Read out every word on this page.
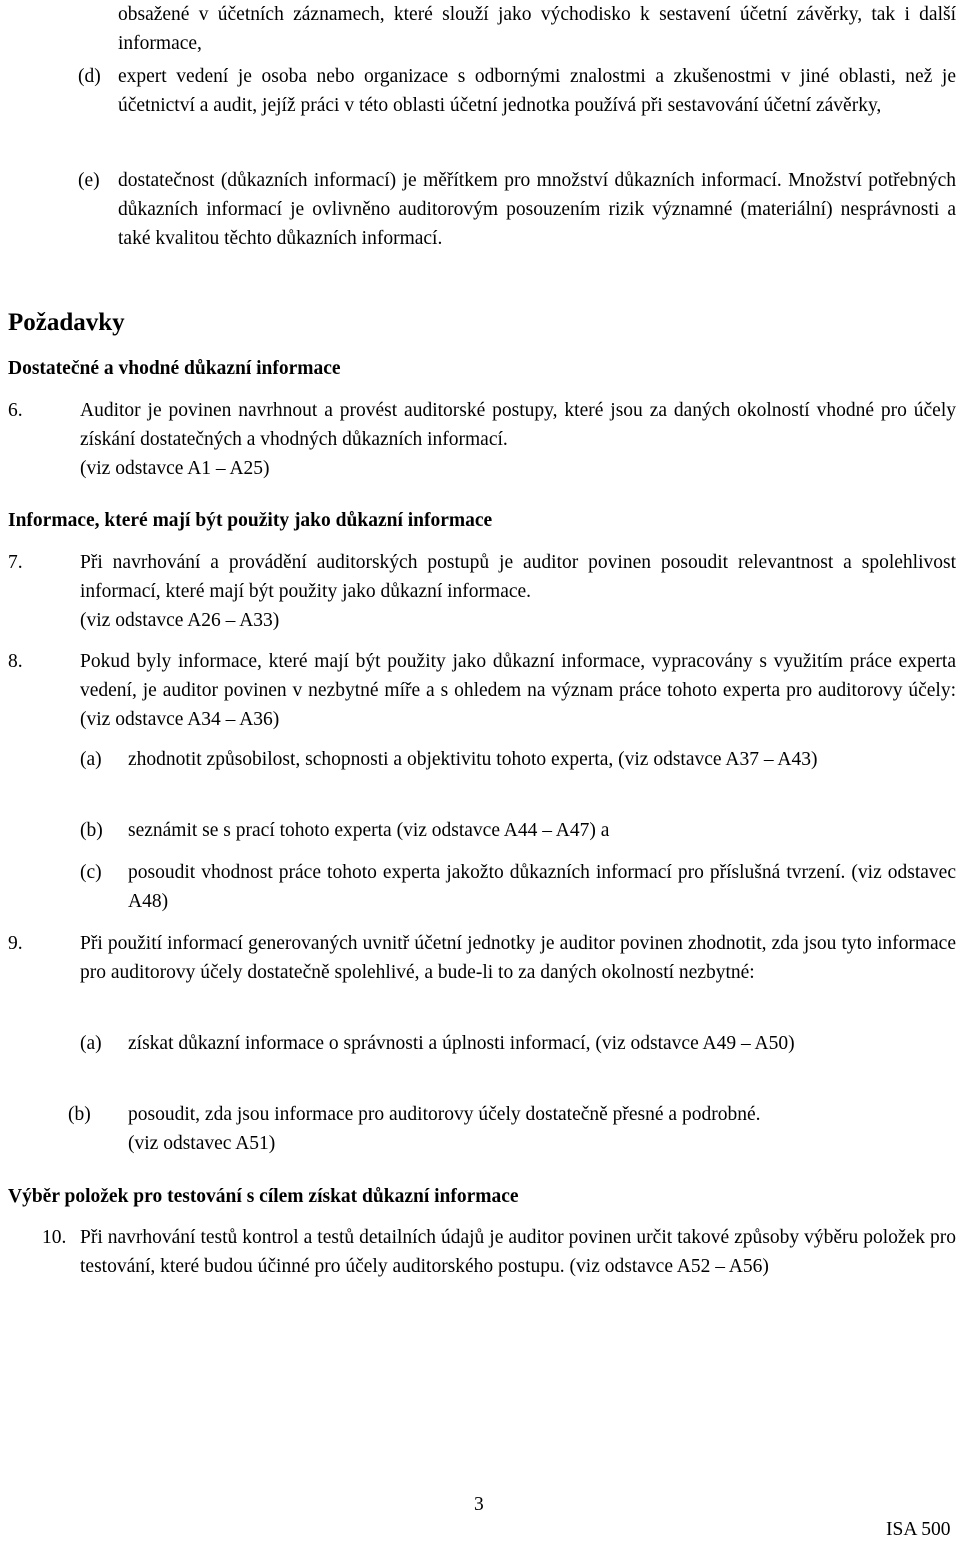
obsažené v účetních záznamech, které slouží jako východisko k sestavení účetní závěrky, tak i další informace,

(d) expert vedení je osoba nebo organizace s odbornými znalostmi a zkušenostmi v jiné oblasti, než je účetnictví a audit, jejíž práci v této oblasti účetní jednotka používá při sestavování účetní závěrky,

(e) dostatečnost (důkazních informací) je měřítkem pro množství důkazních informací. Množství potřebných důkazních informací je ovlivněno auditorovým posouzením rizik významné (materiální) nesprávnosti a také kvalitou těchto důkazních informací.

Požadavky
Dostatečné a vhodné důkazní informace
6.	Auditor je povinen navrhnout a provést auditorské postupy, které jsou za daných okolností vhodné pro účely získání dostatečných a vhodných důkazních informací.
(viz odstavce A1 – A25)

Informace, které mají být použity jako důkazní informace
7.	Při navrhování a provádění auditorských postupů je auditor povinen posoudit relevantnost a spolehlivost informací, které mají být použity jako důkazní informace.
(viz odstavce A26 – A33)

8.	Pokud byly informace, které mají být použity jako důkazní informace, vypracovány s využitím práce experta vedení, je auditor povinen v nezbytné míře a s ohledem na význam práce tohoto experta pro auditorovy účely: (viz odstavce A34 – A36)

(a) zhodnotit způsobilost, schopnosti a objektivitu tohoto experta, (viz odstavce A37 – A43)

(b) seznámit se s prací tohoto experta (viz odstavce A44 – A47) a

(c) posoudit vhodnost práce tohoto experta jakožto důkazních informací pro příslušná tvrzení. (viz odstavec A48)

9.	Při použití informací generovaných uvnitř účetní jednotky je auditor povinen zhodnotit, zda jsou tyto informace pro auditorovy účely dostatečně spolehlivé, a bude-li to za daných okolností nezbytné:

(a) získat důkazní informace o správnosti a úplnosti informací, (viz odstavce A49 – A50)

(b) posoudit, zda jsou informace pro auditorovy účely dostatečně přesné a podrobné.
(viz odstavec A51)

Výběr položek pro testování s cílem získat důkazní informace
10. Při navrhování testů kontrol a testů detailních údajů je auditor povinen určit takové způsoby výběru položek pro testování, které budou účinné pro účely auditorského postupu. (viz odstavce A52 – A56)

3
ISA 500
